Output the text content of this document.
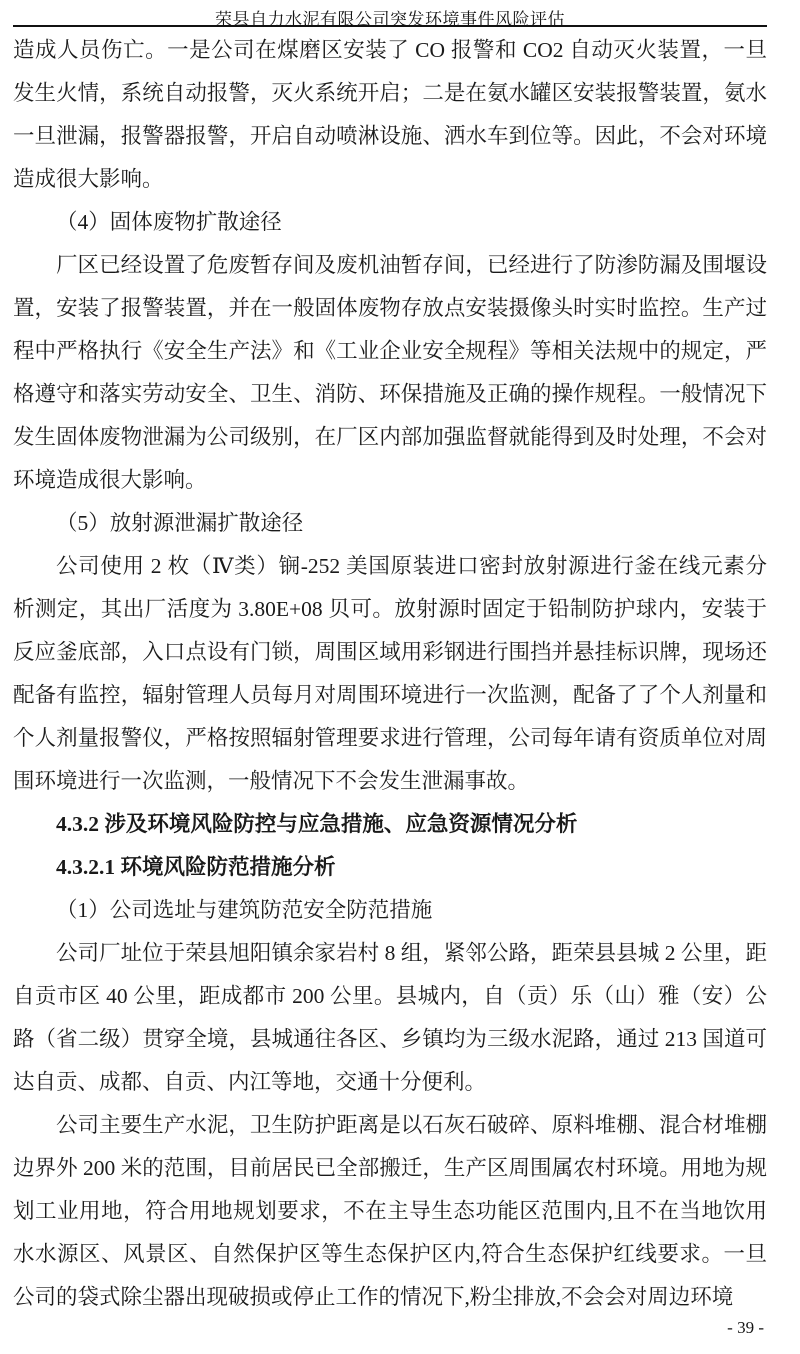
荣县自力水泥有限公司突发环境事件风险评估

造成人员伤亡。一是公司在煤磨区安装了 CO 报警和 CO2 自动灭火装置，一旦发生火情，系统自动报警，灭火系统开启；二是在氨水罐区安装报警装置，氨水一旦泄漏，报警器报警，开启自动喷淋设施、洒水车到位等。因此，不会对环境造成很大影响。

（4）固体废物扩散途径

厂区已经设置了危废暂存间及废机油暂存间，已经进行了防渗防漏及围堰设置，安装了报警装置，并在一般固体废物存放点安装摄像头时实时监控。生产过程中严格执行《安全生产法》和《工业企业安全规程》等相关法规中的规定，严格遵守和落实劳动安全、卫生、消防、环保措施及正确的操作规程。一般情况下发生固体废物泄漏为公司级别，在厂区内部加强监督就能得到及时处理，不会对环境造成很大影响。

（5）放射源泄漏扩散途径

公司使用 2 枚（Ⅳ类）锎-252 美国原装进口密封放射源进行釜在线元素分析测定，其出厂活度为 3.80E+08 贝可。放射源时固定于铅制防护球内，安装于反应釜底部，入口点设有门锁，周围区域用彩钢进行围挡并悬挂标识牌，现场还配备有监控，辐射管理人员每月对周围环境进行一次监测，配备了了个人剂量和个人剂量报警仪，严格按照辐射管理要求进行管理，公司每年请有资质单位对周围环境进行一次监测，一般情况下不会发生泄漏事故。

4.3.2 涉及环境风险防控与应急措施、应急资源情况分析

4.3.2.1 环境风险防范措施分析

（1）公司选址与建筑防范安全防范措施

公司厂址位于荣县旭阳镇余家岩村 8 组，紧邻公路，距荣县县城 2 公里，距自贡市区 40 公里，距成都市 200 公里。县城内，自（贡）乐（山）雅（安）公路（省二级）贯穿全境，县城通往各区、乡镇均为三级水泥路，通过 213 国道可达自贡、成都、自贡、内江等地，交通十分便利。

公司主要生产水泥，卫生防护距离是以石灰石破碎、原料堆棚、混合材堆棚边界外 200 米的范围，目前居民已全部搬迁，生产区周围属农村环境。用地为规划工业用地，符合用地规划要求，不在主导生态功能区范围内,且不在当地饮用水水源区、风景区、自然保护区等生态保护区内,符合生态保护红线要求。一旦公司的袋式除尘器出现破损或停止工作的情况下,粉尘排放,不会会对周边环境

- 39 -
